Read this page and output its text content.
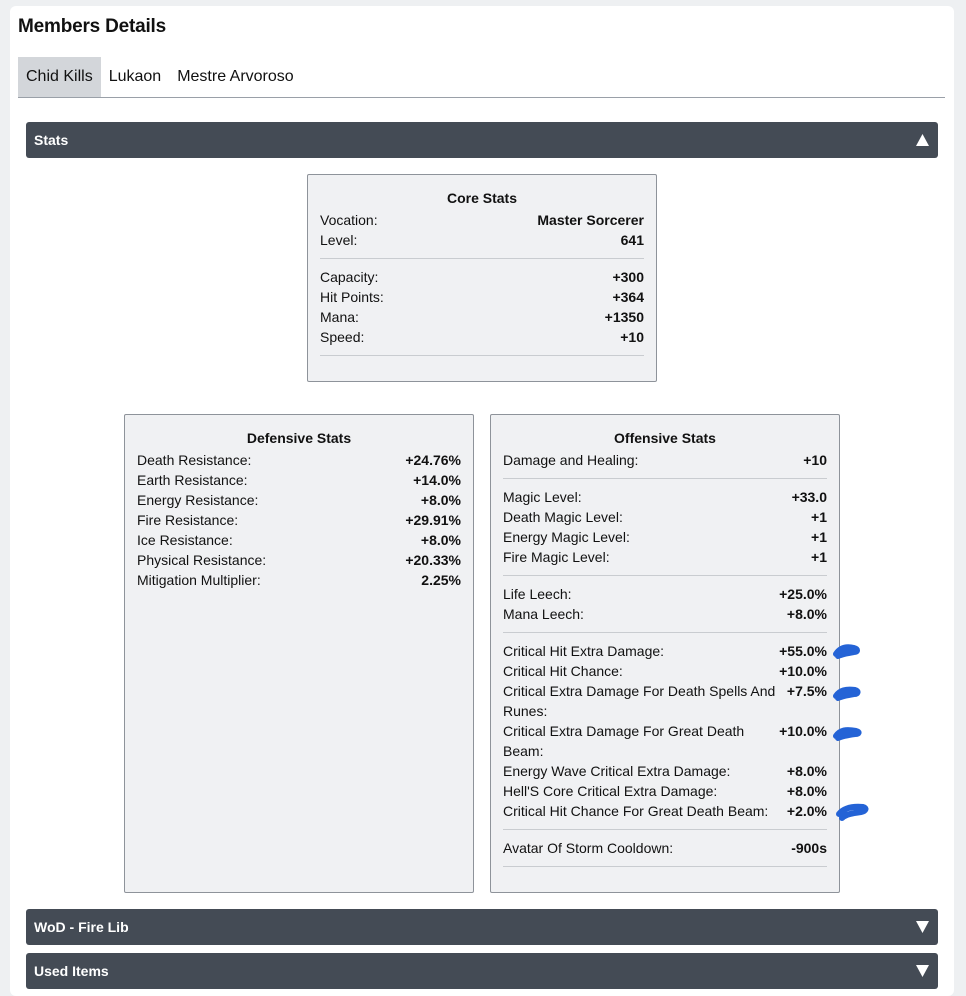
Members Details
Chid Kills	Lukaon	Mestre Arvoroso
Stats
Core Stats
Vocation:	Master Sorcerer
Level:	641
Capacity:	+300
Hit Points:	+364
Mana:	+1350
Speed:	+10
Defensive Stats
Death Resistance:	+24.76%
Earth Resistance:	+14.0%
Energy Resistance:	+8.0%
Fire Resistance:	+29.91%
Ice Resistance:	+8.0%
Physical Resistance:	+20.33%
Mitigation Multiplier:	2.25%
Offensive Stats
Damage and Healing:	+10
Magic Level:	+33.0
Death Magic Level:	+1
Energy Magic Level:	+1
Fire Magic Level:	+1
Life Leech:	+25.0%
Mana Leech:	+8.0%
Critical Hit Extra Damage:	+55.0%
Critical Hit Chance:	+10.0%
Critical Extra Damage For Death Spells And Runes:
+7.5%
Critical Extra Damage For Great Death Beam:
+10.0%
Energy Wave Critical Extra Damage:	+8.0%
Hell'S Core Critical Extra Damage:	+8.0%
Critical Hit Chance For Great Death Beam:	+2.0%
Avatar Of Storm Cooldown:	-900s
WoD - Fire Lib
Used Items
